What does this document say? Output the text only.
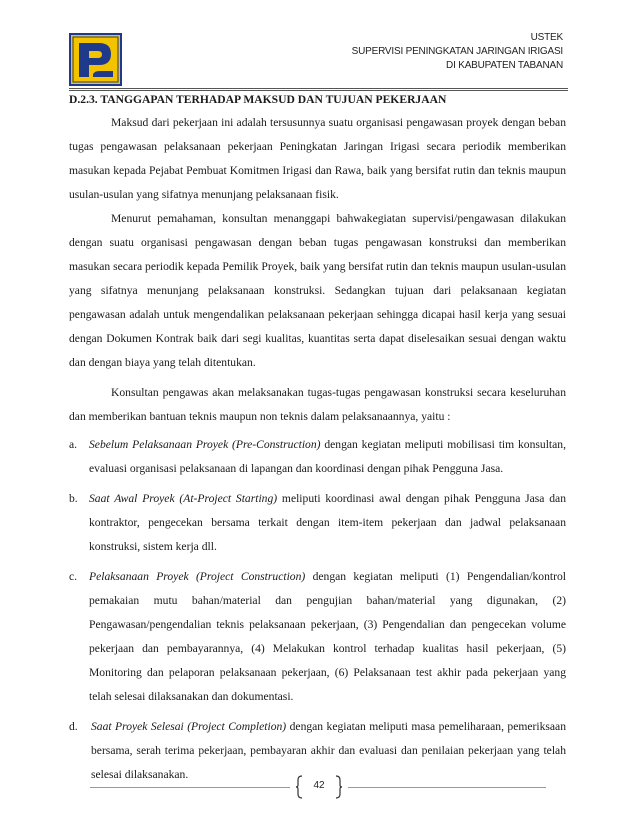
USTEK
SUPERVISI PENINGKATAN JARINGAN IRIGASI
DI KABUPATEN TABANAN
D.2.3. TANGGAPAN TERHADAP MAKSUD DAN TUJUAN PEKERJAAN

Maksud dari pekerjaan ini adalah tersusunnya suatu organisasi pengawasan proyek dengan beban tugas pengawasan pelaksanaan pekerjaan Peningkatan Jaringan Irigasi secara periodik memberikan masukan kepada Pejabat Pembuat Komitmen Irigasi dan Rawa, baik yang bersifat rutin dan teknis maupun usulan-usulan yang sifatnya menunjang pelaksanaan fisik.

Menurut pemahaman, konsultan menanggapi bahwakegiatan supervisi/pengawasan dilakukan dengan suatu organisasi pengawasan dengan beban tugas pengawasan konstruksi dan memberikan masukan secara periodik kepada Pemilik Proyek, baik yang bersifat rutin dan teknis maupun usulan-usulan yang sifatnya menunjang pelaksanaan konstruksi. Sedangkan tujuan dari pelaksanaan kegiatan pengawasan adalah untuk mengendalikan pelaksanaan pekerjaan sehingga dicapai hasil kerja yang sesuai dengan Dokumen Kontrak baik dari segi kualitas, kuantitas serta dapat diselesaikan sesuai dengan waktu dan dengan biaya yang telah ditentukan.

Konsultan pengawas akan melaksanakan tugas-tugas pengawasan konstruksi secara keseluruhan dan memberikan bantuan teknis maupun non teknis dalam pelaksanaannya, yaitu :

a.	Sebelum Pelaksanaan Proyek (Pre-Construction) dengan kegiatan meliputi mobilisasi tim konsultan, evaluasi organisasi pelaksanaan di lapangan dan koordinasi dengan pihak Pengguna Jasa.
b. Saat Awal Proyek (At-Project Starting) meliputi koordinasi awal dengan pihak Pengguna Jasa dan kontraktor, pengecekan bersama terkait dengan item-item pekerjaan dan jadwal pelaksanaan konstruksi, sistem kerja dll.
c.	Pelaksanaan Proyek (Project Construction) dengan kegiatan meliputi (1) Pengendalian/kontrol pemakaian mutu bahan/material dan pengujian bahan/material yang digunakan, (2) Pengawasan/pengendalian teknis pelaksanaan pekerjaan, (3) Pengendalian dan pengecekan volume pekerjaan dan pembayarannya, (4) Melakukan kontrol terhadap kualitas hasil pekerjaan, (5) Monitoring dan pelaporan pelaksanaan pekerjaan, (6) Pelaksanaan test akhir pada pekerjaan yang telah selesai dilaksanakan dan dokumentasi.
d.	Saat Proyek Selesai (Project Completion) dengan kegiatan meliputi masa pemeliharaan, pemeriksaan bersama, serah terima pekerjaan, pembayaran akhir dan evaluasi dan penilaian pekerjaan yang telah selesai dilaksanakan.
42
